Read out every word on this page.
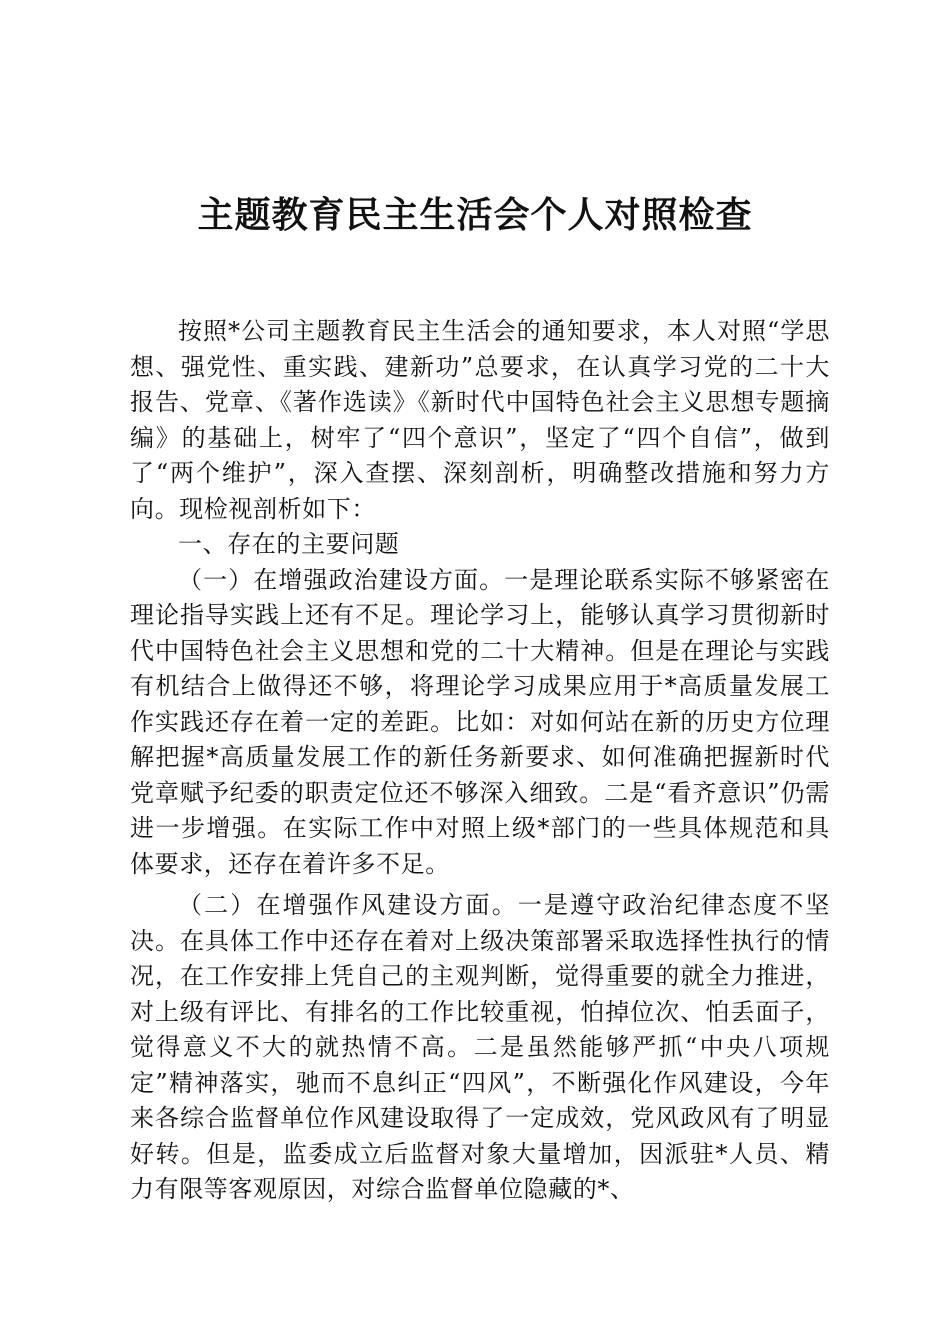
主题教育民主生活会个人对照检查

按照*公司主题教育民主生活会的通知要求，本人对照“学思想、强党性、重实践、建新功”总要求，在认真学习党的二十大报告、党章、《著作选读》《新时代中国特色社会主义思想专题摘编》的基础上，树牢了“四个意识”，坚定了“四个自信”，做到了“两个维护”，深入查摆、深刻剖析，明确整改措施和努力方向。现检视剖析如下：

一、存在的主要问题

（一）在增强政治建设方面。一是理论联系实际不够紧密在理论指导实践上还有不足。理论学习上，能够认真学习贯彻新时代中国特色社会主义思想和党的二十大精神。但是在理论与实践有机结合上做得还不够，将理论学习成果应用于*高质量发展工作实践还存在着一定的差距。比如：对如何站在新的历史方位理解把握*高质量发展工作的新任务新要求、如何准确把握新时代党章赋予纪委的职责定位还不够深入细致。二是“看齐意识”仍需进一步增强。在实际工作中对照上级*部门的一些具体规范和具体要求，还存在着许多不足。

（二）在增强作风建设方面。一是遵守政治纪律态度不坚决。在具体工作中还存在着对上级决策部署采取选择性执行的情况，在工作安排上凭自己的主观判断，觉得重要的就全力推进，对上级有评比、有排名的工作比较重视，怕掉位次、怕丢面子，觉得意义不大的就热情不高。二是虽然能够严抓“中央八项规定”精神落实，驰而不息纠正“四风”，不断强化作风建设，今年来各综合监督单位作风建设取得了一定成效，党风政风有了明显好转。但是，监委成立后监督对象大量增加，因派驻*人员、精力有限等客观原因，对综合监督单位隐藏的*、
